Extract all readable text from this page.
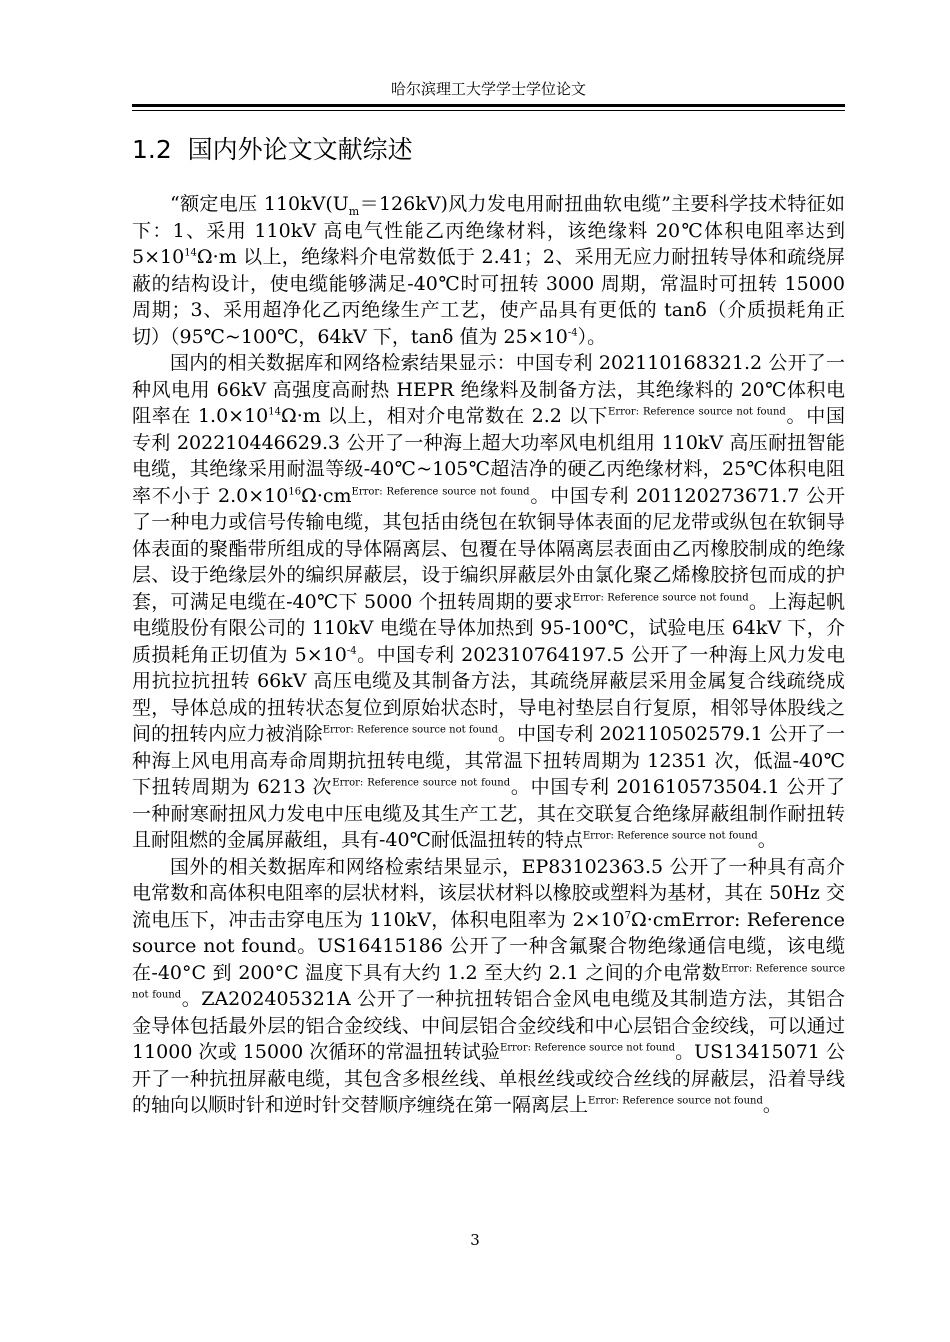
哈尔滨理工大学学士学位论文
1.2 国内外论文文献综述

“额定电压 $110kV(U_m=126kV)$风力发电用耐扭曲软电缆”主要科学技术特征如下：1、采用 110kV 高电气性能乙丙绝缘材料，该绝缘料 20℃体积电阻率达到 $5\times 10^{14}\Omega\cdot m$ 以上，绝缘料介电常数低于 2.41；2、采用无应力耐扭转导体和疏绕屏蔽的结构设计，使电缆能够满足-40℃时可扭转 3000 周期，常温时可扭转 15000 周期；3、采用超净化乙丙绝缘生产工艺，使产品具有更低的 tanδ（介质损耗角正切）（95℃~100℃，64kV 下，tanδ 值为 $25\times 10^{-4}$）。

国内的相关数据库和网络检索结果显示：中国专利 202110168321.2 公开了一种风电用 66kV 高强度高耐热 HEPR 绝缘料及制备方法，其绝缘料的 20℃体积电阻率在 $1.0\times 10^{14}\Omega\cdot m$ 以上，相对介电常数在 2.2 以下$^{Error: Reference source not found}$。中国专利 202210446629.3 公开了一种海上超大功率风电机组用 110kV 高压耐扭智能电缆，其绝缘采用耐温等级-40℃~105℃超洁净的硬乙丙绝缘材料，25℃体积电阻率不小于 $2.0\times 10^{16}\Omega\cdot cm^{Error: Reference source not found}$。中国专利 201120273671.7 公开了一种电力或信号传输电缆，其包括由绕包在软铜导体表面的尼龙带或纵包在软铜导体表面的聚酯带所组成的导体隔离层、包覆在导体隔离层表面由乙丙橡胶制成的绝缘层、设于绝缘层外的编织屏蔽层，设于编织屏蔽层外由氯化聚乙烯橡胶挤包而成的护套，可满足电缆在-40℃下 5000 个扭转周期的要求$^{Error: Reference source not found}$。上海起帆电缆股份有限公司的 110kV 电缆在导体加热到 95-100℃，试验电压 64kV 下，介质损耗角正切值为 $5\times 10^{-4}$。中国专利 202310764197.5 公开了一种海上风力发电用抗拉抗扭转 66kV 高压电缆及其制备方法，其疏绕屏蔽层采用金属复合线疏绕成型，导体总成的扭转状态复位到原始状态时，导电衬垫层自行复原，相邻导体股线之间的扭转内应力被消除$^{Error: Reference source not found}$。中国专利 202110502579.1 公开了一种海上风电用高寿命周期抗扭转电缆，其常温下扭转周期为 12351 次，低温-40℃下扭转周期为 6213 次$^{Error: Reference source not found}$。中国专利 201610573504.1 公开了一种耐寒耐扭风力发电中压电缆及其生产工艺，其在交联复合绝缘屏蔽组制作耐扭转且耐阻燃的金属屏蔽组，具有-40℃耐低温扭转的特点$^{Error: Reference source not found}$。

国外的相关数据库和网络检索结果显示，EP83102363.5 公开了一种具有高介电常数和高体积电阻率的层状材料，该层状材料以橡胶或塑料为基材，其在 50Hz 交流电压下，冲击击穿电压为 110kV，体积电阻率为 $2\times 10^7\Omega\cdot cmError$: Reference source not found。US16415186 公开了一种含氟聚合物绝缘通信电缆，该电缆在-40°C 到 200°C 温度下具有大约 1.2 至大约 2.1 之间的介电常数$^{Error: Reference source not found}$。ZA202405321A 公开了一种抗扭转铝合金风电电缆及其制造方法，其铝合金导体包括最外层的铝合金绞线、中间层铝合金绞线和中心层铝合金绞线，可以通过 11000 次或 15000 次循环的常温扭转试验$^{Error: Reference source not found}$。US13415071 公开了一种抗扭屏蔽电缆，其包含多根丝线、单根丝线或绞合丝线的屏蔽层，沿着导线的轴向以顺时针和逆时针交替顺序缠绕在第一隔离层上$^{Error: Reference source not found}$。

3
